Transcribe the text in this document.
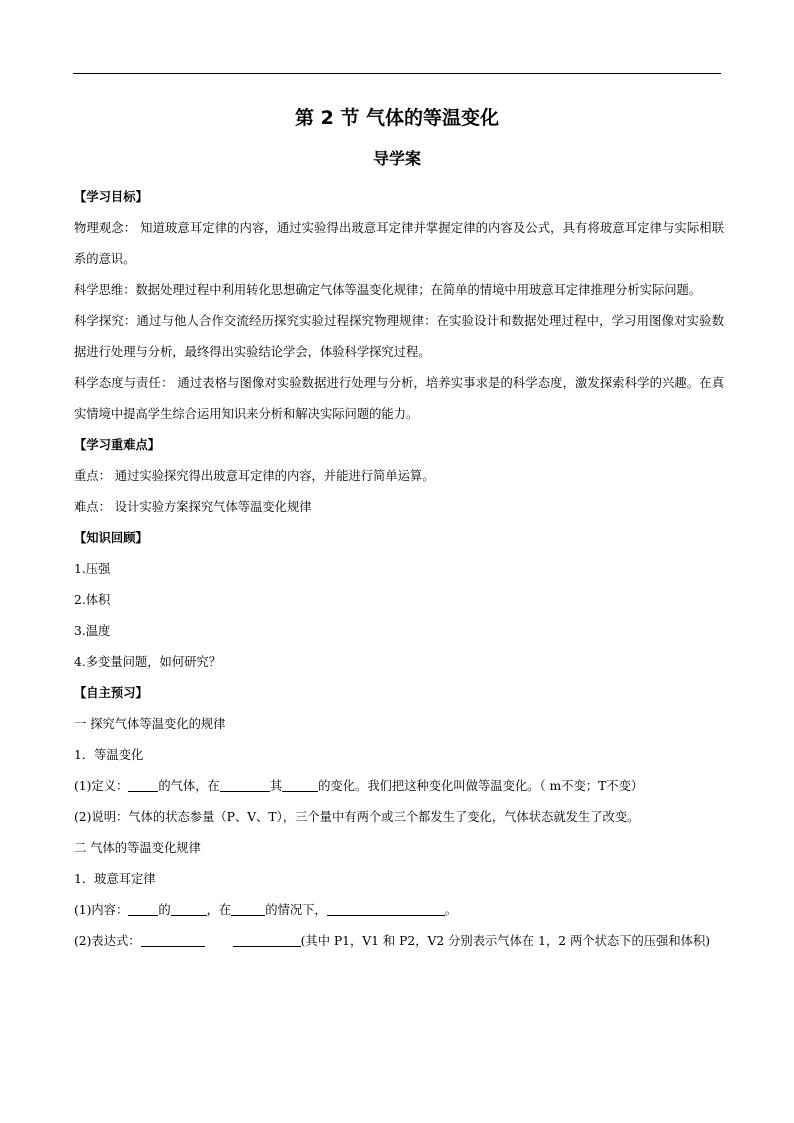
第 2 节 气体的等温变化
导学案

【学习目标】

物理观念： 知道玻意耳定律的内容，通过实验得出玻意耳定律并掌握定律的内容及公式，具有将玻意耳定律与实际相联系的意识。

科学思维：数据处理过程中利用转化思想确定气体等温变化规律；在简单的情境中用玻意耳定律推理分析实际问题。

科学探究：通过与他人合作交流经历探究实验过程探究物理规律：在实验设计和数据处理过程中，学习用图像对实验数据进行处理与分析，最终得出实验结论学会，体验科学探究过程。

科学态度与责任： 通过表格与图像对实验数据进行处理与分析，培养实事求是的科学态度，激发探索科学的兴趣。在真实情境中提高学生综合运用知识来分析和解决实际问题的能力。

【学习重难点】

重点： 通过实验探究得出玻意耳定律的内容，并能进行简单运算。

难点： 设计实验方案探究气体等温变化规律

【知识回顾】

1.压强

2.体积

3.温度

4.多变量问题，如何研究？

【自主预习】

一 探究气体等温变化的规律

1．等温变化

(1)定义： 的气体，在	其	的变化。我们把这种变化叫做等温变化。（ m不变；T不变）

(2)说明：气体的状态参量（P、V、T），三个量中有两个或三个都发生了变化，气体状态就发生了改变。

二 气体的等温变化规律

1．玻意耳定律

(1)内容： 的	，在	的情况下，	。

(2)表达式：	(其中 P1，V1 和 P2，V2 分别表示气体在 1，2 两个状态下的压强和体积)
